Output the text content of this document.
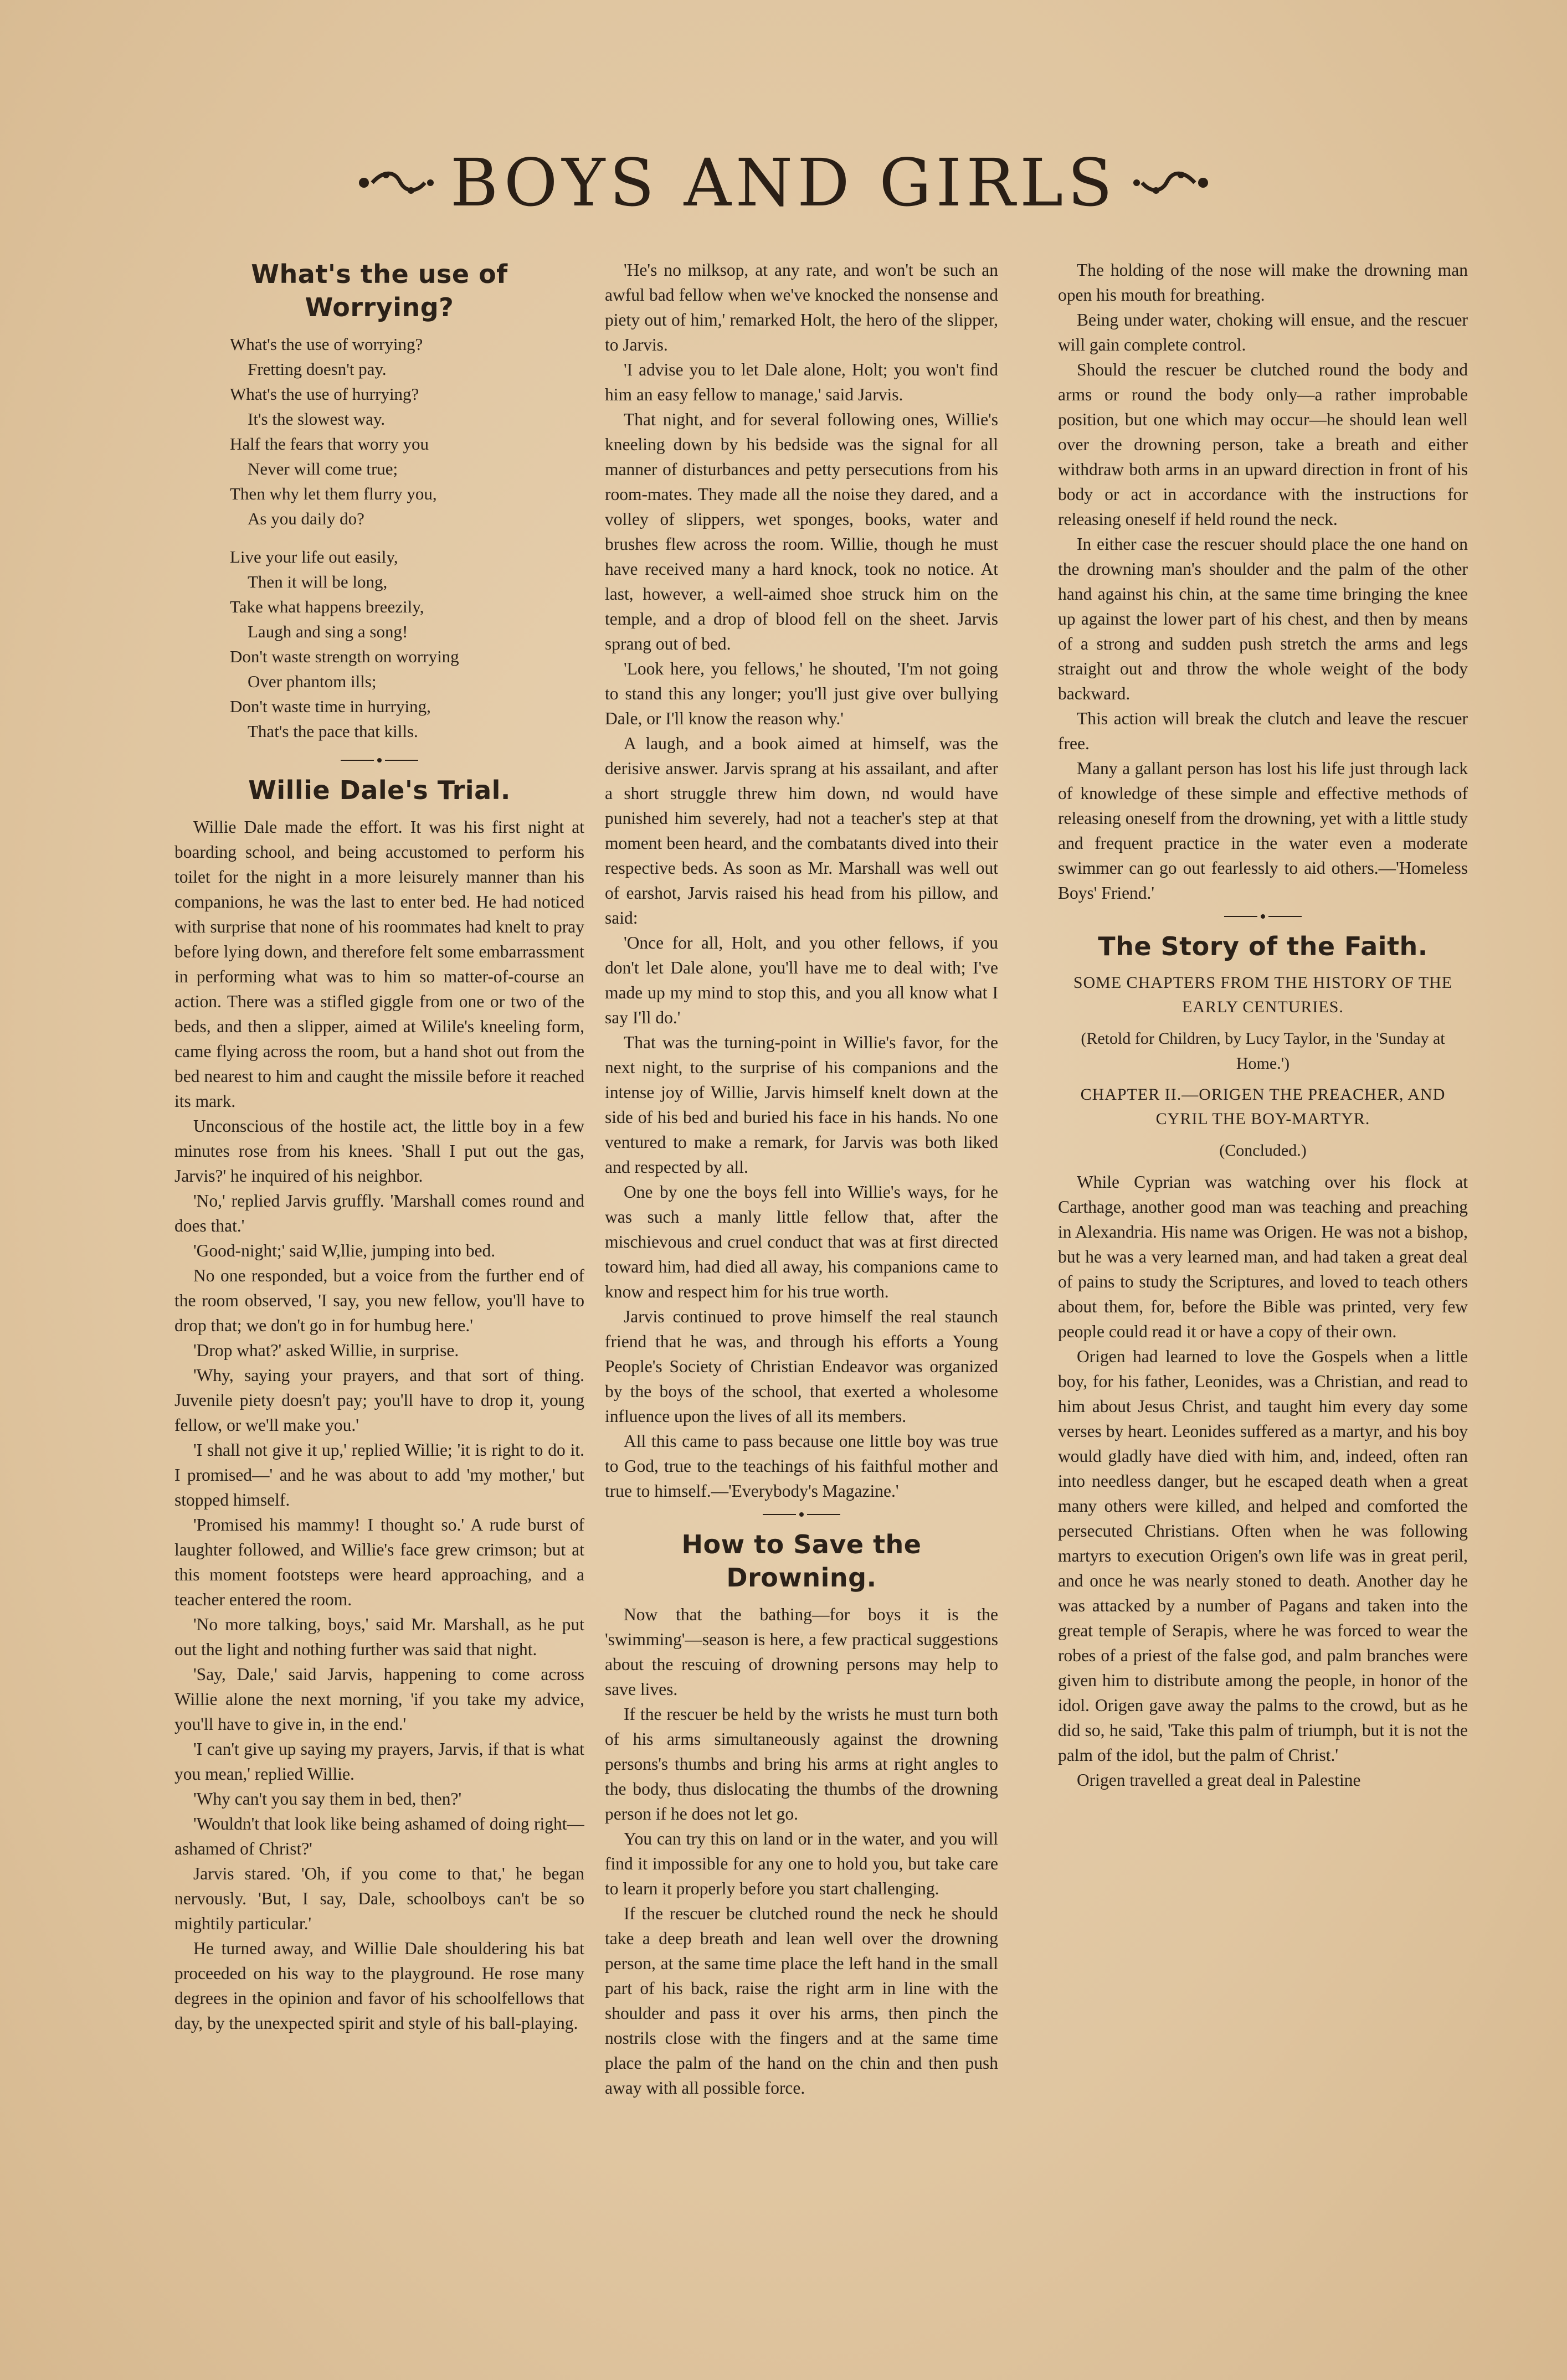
BOYS AND GIRLS
What's the use of Worrying?
What's the use of worrying?
Fretting doesn't pay.
What's the use of hurrying?
It's the slowest way.
Half the fears that worry you
Never will come true;
Then why let them flurry you,
As you daily do?
Live your life out easily,
Then it will be long,
Take what happens breezily,
Laugh and sing a song!
Don't waste strength on worrying
Over phantom ills;
Don't waste time in hurrying,
That's the pace that kills.
Willie Dale's Trial.

Willie Dale made the effort. It was his first night at boarding school, and being accustomed to perform his toilet for the night in a more leisurely manner than his companions, he was the last to enter bed. He had noticed with surprise that none of his roommates had knelt to pray before lying down, and therefore felt some embarrassment in performing what was to him so matter-of-course an action. There was a stifled giggle from one or two of the beds, and then a slipper, aimed at Wilile's kneeling form, came flying across the room, but a hand shot out from the bed nearest to him and caught the missile before it reached its mark.

Unconscious of the hostile act, the little boy in a few minutes rose from his knees. 'Shall I put out the gas, Jarvis?' he inquired of his neighbor.

'No,' replied Jarvis gruffly. 'Marshall comes round and does that.'

'Good-night;' said W,llie, jumping into bed.

No one responded, but a voice from the further end of the room observed, 'I say, you new fellow, you'll have to drop that; we don't go in for humbug here.'

'Drop what?' asked Willie, in surprise.

'Why, saying your prayers, and that sort of thing. Juvenile piety doesn't pay; you'll have to drop it, young fellow, or we'll make you.'

'I shall not give it up,' replied Willie; 'it is right to do it. I promised—' and he was about to add 'my mother,' but stopped himself.

'Promised his mammy! I thought so.' A rude burst of laughter followed, and Willie's face grew crimson; but at this moment footsteps were heard approaching, and a teacher entered the room.

'No more talking, boys,' said Mr. Marshall, as he put out the light and nothing further was said that night.

'Say, Dale,' said Jarvis, happening to come across Willie alone the next morning, 'if you take my advice, you'll have to give in, in the end.'

'I can't give up saying my prayers, Jarvis, if that is what you mean,' replied Willie.

'Why can't you say them in bed, then?'

'Wouldn't that look like being ashamed of doing right—ashamed of Christ?'

Jarvis stared. 'Oh, if you come to that,' he began nervously. 'But, I say, Dale, schoolboys can't be so mightily particular.'

He turned away, and Willie Dale shouldering his bat proceeded on his way to the playground. He rose many degrees in the opinion and favor of his schoolfellows that day, by the unexpected spirit and style of his ball-playing.

'He's no milksop, at any rate, and won't be such an awful bad fellow when we've knocked the nonsense and piety out of him,' remarked Holt, the hero of the slipper, to Jarvis.

'I advise you to let Dale alone, Holt; you won't find him an easy fellow to manage,' said Jarvis.

That night, and for several following ones, Willie's kneeling down by his bedside was the signal for all manner of disturbances and petty persecutions from his room-mates. They made all the noise they dared, and a volley of slippers, wet sponges, books, water and brushes flew across the room. Willie, though he must have received many a hard knock, took no notice. At last, however, a well-aimed shoe struck him on the temple, and a drop of blood fell on the sheet. Jarvis sprang out of bed.

'Look here, you fellows,' he shouted, 'I'm not going to stand this any longer; you'll just give over bullying Dale, or I'll know the reason why.'

A laugh, and a book aimed at himself, was the derisive answer. Jarvis sprang at his assailant, and after a short struggle threw him down, nd would have punished him severely, had not a teacher's step at that moment been heard, and the combatants dived into their respective beds. As soon as Mr. Marshall was well out of earshot, Jarvis raised his head from his pillow, and said:

'Once for all, Holt, and you other fellows, if you don't let Dale alone, you'll have me to deal with; I've made up my mind to stop this, and you all know what I say I'll do.'

That was the turning-point in Willie's favor, for the next night, to the surprise of his companions and the intense joy of Willie, Jarvis himself knelt down at the side of his bed and buried his face in his hands. No one ventured to make a remark, for Jarvis was both liked and respected by all.

One by one the boys fell into Willie's ways, for he was such a manly little fellow that, after the mischievous and cruel conduct that was at first directed toward him, had died all away, his companions came to know and respect him for his true worth.

Jarvis continued to prove himself the real staunch friend that he was, and through his efforts a Young People's Society of Christian Endeavor was organized by the boys of the school, that exerted a wholesome influence upon the lives of all its members.

All this came to pass because one little boy was true to God, true to the teachings of his faithful mother and true to himself.—'Everybody's Magazine.'

How to Save the Drowning.

Now that the bathing—for boys it is the 'swimming'—season is here, a few practical suggestions about the rescuing of drowning persons may help to save lives.

If the rescuer be held by the wrists he must turn both of his arms simultaneously against the drowning persons's thumbs and bring his arms at right angles to the body, thus dislocating the thumbs of the drowning person if he does not let go.

You can try this on land or in the water, and you will find it impossible for any one to hold you, but take care to learn it properly before you start challenging.

If the rescuer be clutched round the neck he should take a deep breath and lean well over the drowning person, at the same time place the left hand in the small part of his back, raise the right arm in line with the shoulder and pass it over his arms, then pinch the nostrils close with the fingers and at the same time place the palm of the hand on the chin and then push away with all possible force.

The holding of the nose will make the drowning man open his mouth for breathing.

Being under water, choking will ensue, and the rescuer will gain complete control.

Should the rescuer be clutched round the body and arms or round the body only—a rather improbable position, but one which may occur—he should lean well over the drowning person, take a breath and either withdraw both arms in an upward direction in front of his body or act in accordance with the instructions for releasing oneself if held round the neck.

In either case the rescuer should place the one hand on the drowning man's shoulder and the palm of the other hand against his chin, at the same time bringing the knee up against the lower part of his chest, and then by means of a strong and sudden push stretch the arms and legs straight out and throw the whole weight of the body backward.

This action will break the clutch and leave the rescuer free.

Many a gallant person has lost his life just through lack of knowledge of these simple and effective methods of releasing oneself from the drowning, yet with a little study and frequent practice in the water even a moderate swimmer can go out fearlessly to aid others.—'Homeless Boys' Friend.'

The Story of the Faith.
SOME CHAPTERS FROM THE HISTORY OF THE EARLY CENTURIES.

(Retold for Children, by Lucy Taylor, in the 'Sunday at Home.')

CHAPTER II.—ORIGEN THE PREACHER, AND CYRIL THE BOY-MARTYR.

(Concluded.)

While Cyprian was watching over his flock at Carthage, another good man was teaching and preaching in Alexandria. His name was Origen. He was not a bishop, but he was a very learned man, and had taken a great deal of pains to study the Scriptures, and loved to teach others about them, for, before the Bible was printed, very few people could read it or have a copy of their own.

Origen had learned to love the Gospels when a little boy, for his father, Leonides, was a Christian, and read to him about Jesus Christ, and taught him every day some verses by heart. Leonides suffered as a martyr, and his boy would gladly have died with him, and, indeed, often ran into needless danger, but he escaped death when a great many others were killed, and helped and comforted the persecuted Christians. Often when he was following martyrs to execution Origen's own life was in great peril, and once he was nearly stoned to death. Another day he was attacked by a number of Pagans and taken into the great temple of Serapis, where he was forced to wear the robes of a priest of the false god, and palm branches were given him to distribute among the people, in honor of the idol. Origen gave away the palms to the crowd, but as he did so, he said, 'Take this palm of triumph, but it is not the palm of the idol, but the palm of Christ.'

Origen travelled a great deal in Palestine
